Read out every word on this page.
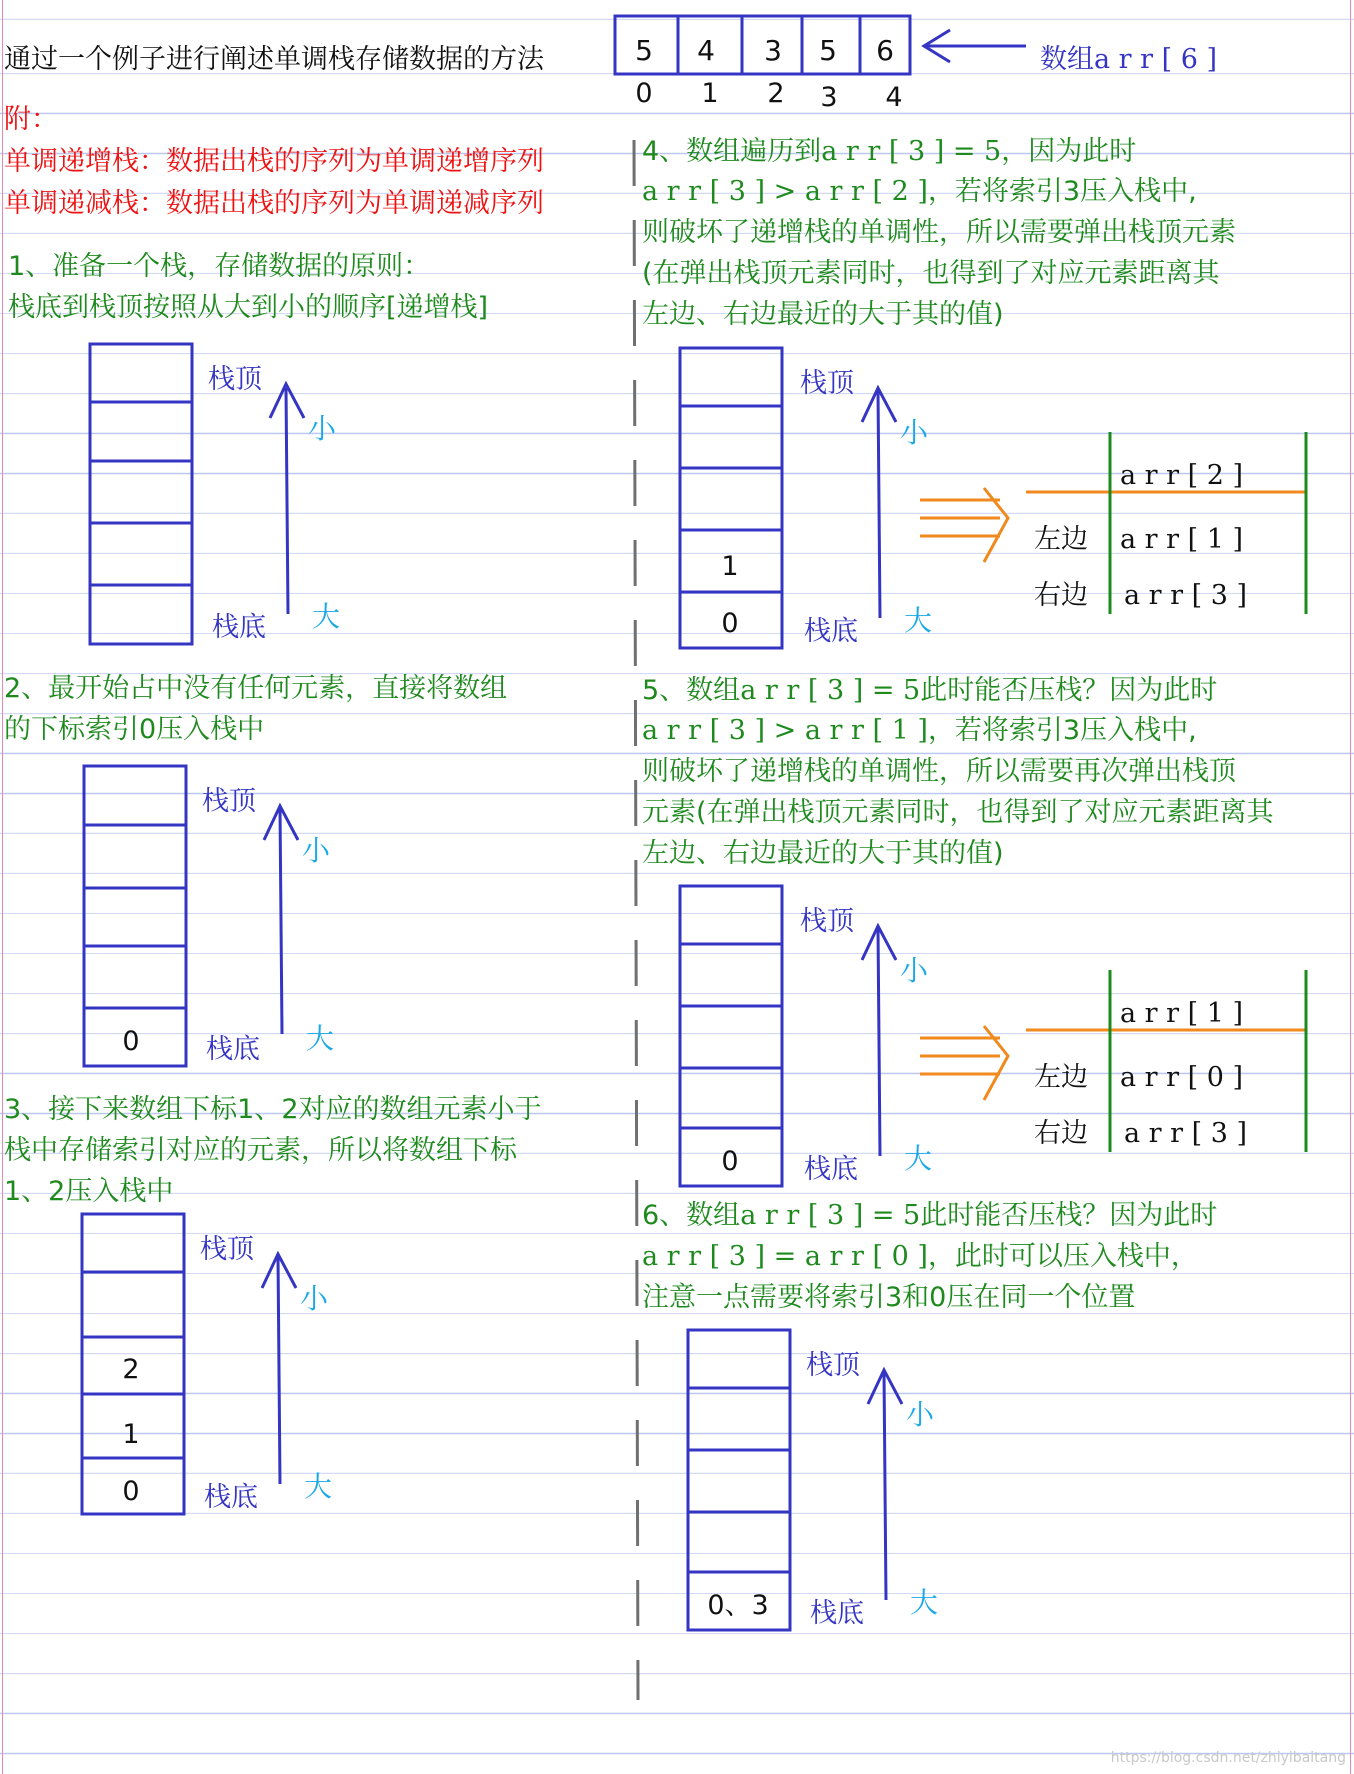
通过一个例子进行阐述单调栈存储数据的方法	5 4 3 5 6
0 1 2 3 4
数组a r r [ 6 ]
附：
单调递增栈：数据出栈的序列为单调递增序列
单调递减栈：数据出栈的序列为单调递减序列
1、准备一个栈，存储数据的原则：
栈底到栈顶按照从大到小的顺序[递增栈]
栈顶
栈底
小
大
2、最开始占中没有任何元素，直接将数组
的下标索引0压入栈中
0
栈顶
栈底
小
大
3、接下来数组下标1、2对应的数组元素小于
栈中存储索引对应的元素，所以将数组下标
1、2压入栈中
2
1
0
栈顶
栈底
小
大
4、数组遍历到a r r [ 3 ] = 5，因为此时
a r r [ 3 ] > a r r [ 2 ]，若将索引3压入栈中,
则破坏了递增栈的单调性，所以需要弹出栈顶元素
(在弹出栈顶元素同时，也得到了对应元素距离其
左边、右边最近的大于其的值)
1
0
栈顶
栈底
小
大
a r r [ 2 ]
左边 a r r [ 1 ]
右边 a r r [ 3 ]
5、数组a r r [ 3 ] = 5此时能否压栈？因为此时
a r r [ 3 ] > a r r [ 1 ]，若将索引3压入栈中,
则破坏了递增栈的单调性，所以需要再次弹出栈顶
元素(在弹出栈顶元素同时，也得到了对应元素距离其
左边、右边最近的大于其的值)
0
栈顶
栈底
小
大
a r r [ 1 ]
左边 a r r [ 0 ]
右边 a r r [ 3 ]
6、数组a r r [ 3 ] = 5此时能否压栈？因为此时
a r r [ 3 ] = a r r [ 0 ]，此时可以压入栈中，
注意一点需要将索引3和0压在同一个位置
0、3
栈顶
栈底
小
大
https://blog.csdn.net/zhiyibaitang
